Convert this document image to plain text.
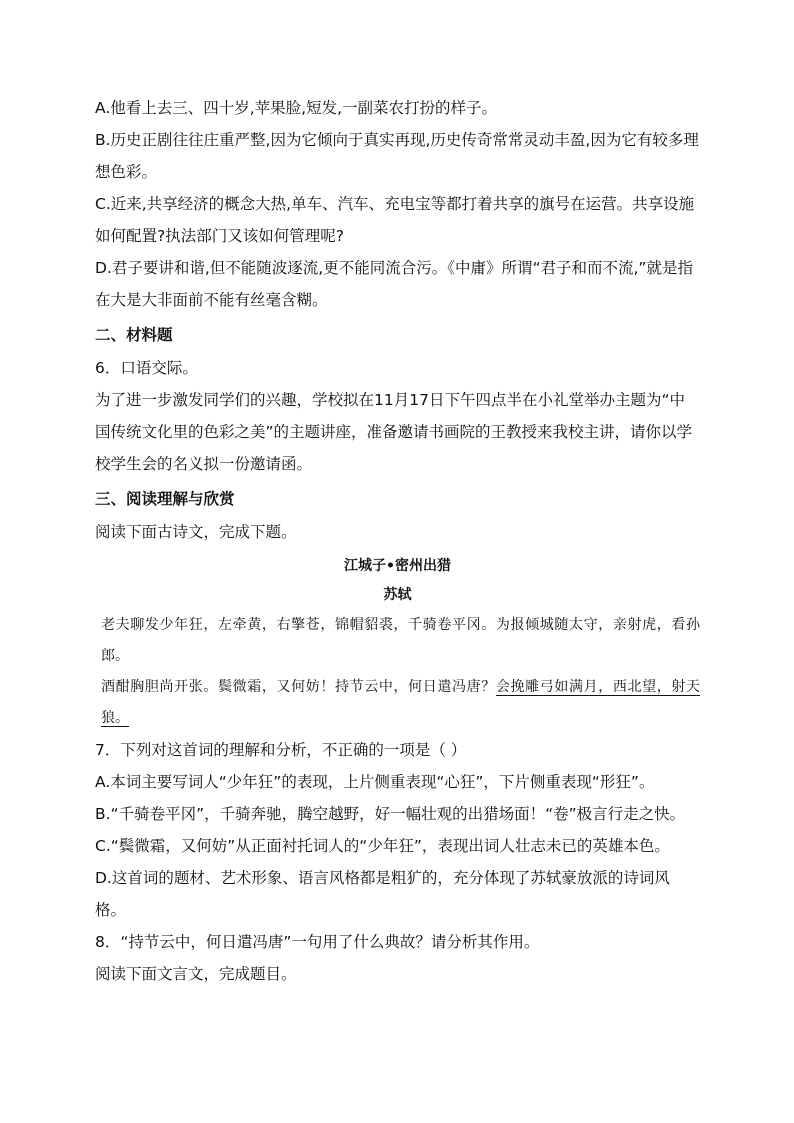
A.他看上去三、四十岁,苹果脸,短发,一副菜农打扮的样子。

B.历史正剧往往庄重严整,因为它倾向于真实再现,历史传奇常常灵动丰盈,因为它有较多理想色彩。

C.近来,共享经济的概念大热,单车、汽车、充电宝等都打着共享的旗号在运营。共享设施如何配置?执法部门又该如何管理呢?

D.君子要讲和谐,但不能随波逐流,更不能同流合污。《中庸》所谓“君子和而不流,”就是指在大是大非面前不能有丝毫含糊。

二、材料题

6．口语交际。

为了进一步激发同学们的兴趣，学校拟在11月17日下午四点半在小礼堂举办主题为“中国传统文化里的色彩之美”的主题讲座，准备邀请书画院的王教授来我校主讲，请你以学校学生会的名义拟一份邀请函。

三、阅读理解与欣赏

阅读下面古诗文，完成下题。

江城子•密州出猎

苏轼

老夫聊发少年狂，左牵黄，右擎苍，锦帽貂裘，千骑卷平冈。为报倾城随太守，亲射虎，看孙郎。

酒酣胸胆尚开张。鬓微霜，又何妨！持节云中，何日遣冯唐？会挽雕弓如满月，西北望，射天狼。

7．下列对这首词的理解和分析，不正确的一项是（ ）

A.本词主要写词人“少年狂”的表现，上片侧重表现“心狂”，下片侧重表现“形狂”。

B.“千骑卷平冈”，千骑奔驰，腾空越野，好一幅壮观的出猎场面！“卷”极言行走之快。

C.“鬓微霜，又何妨”从正面衬托词人的“少年狂”，表现出词人壮志未已的英雄本色。

D.这首词的题材、艺术形象、语言风格都是粗犷的，充分体现了苏轼豪放派的诗词风格。

8．“持节云中，何日遣冯唐”一句用了什么典故？请分析其作用。

阅读下面文言文，完成题目。
